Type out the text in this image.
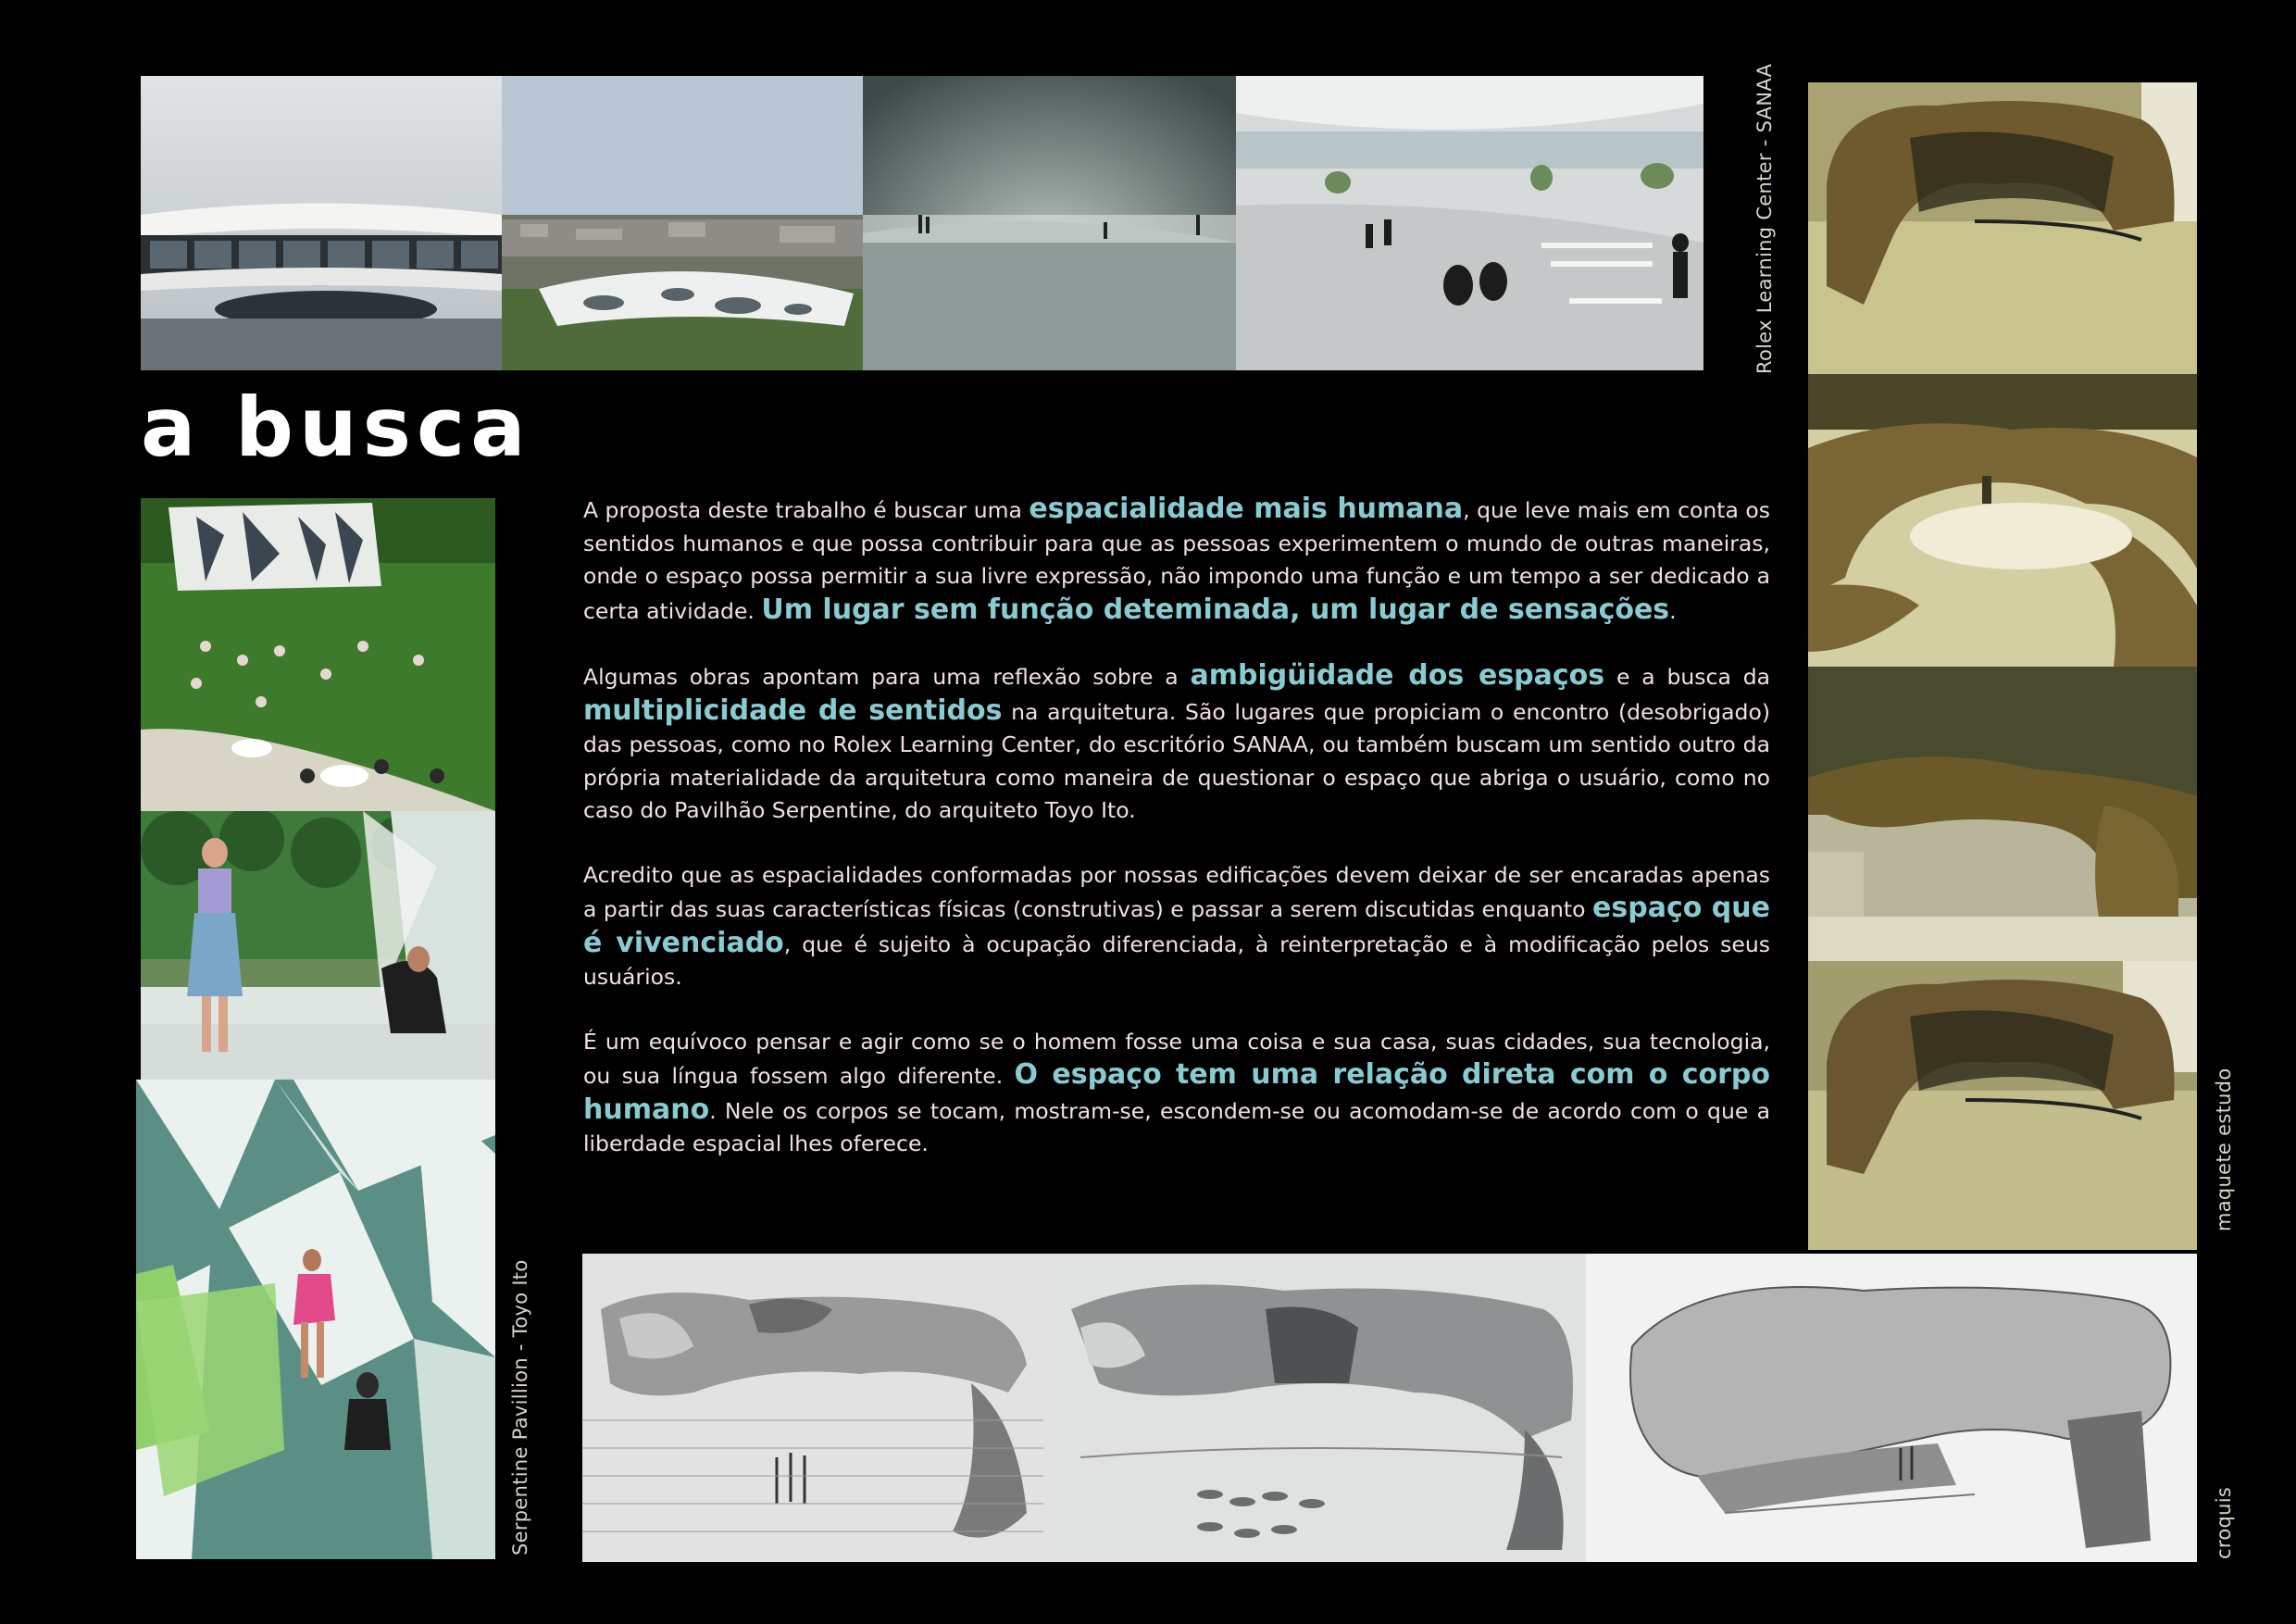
Rolex Learning Center - SANAA
a busca
Serpentine Pavillion - Toyo Ito

A proposta deste trabalho é buscar uma espacialidade mais humana, que leve mais em conta os sentidos humanos e que possa contribuir para que as pessoas experimentem o mundo de outras maneiras, onde o espaço possa permitir a sua livre expressão, não impondo uma função e um tempo a ser dedicado a certa atividade. Um lugar sem função deteminada, um lugar de sensações.

Algumas obras apontam para uma reflexão sobre a ambigüidade dos espaços e a busca da multiplicidade de sentidos na arquitetura. São lugares que propiciam o encontro (desobrigado) das pessoas, como no Rolex Learning Center, do escritório SANAA, ou também buscam um sentido outro da própria materialidade da arquitetura como maneira de questionar o espaço que abriga o usuário, como no caso do Pavilhão Serpentine, do arquiteto Toyo Ito.

Acredito que as espacialidades conformadas por nossas edificações devem deixar de ser encaradas apenas a partir das suas características físicas (construtivas) e passar a serem discutidas enquanto espaço que é vivenciado, que é sujeito à ocupação diferenciada, à reinterpretação e à modificação pelos seus usuários.

É um equívoco pensar e agir como se o homem fosse uma coisa e sua casa, suas cidades, sua tecnologia, ou sua língua fossem algo diferente. O espaço tem uma relação direta com o corpo humano. Nele os corpos se tocam, mostram-se, escondem-se ou acomodam-se de acordo com o que a liberdade espacial lhes oferece.	maquete estudo
croquis
